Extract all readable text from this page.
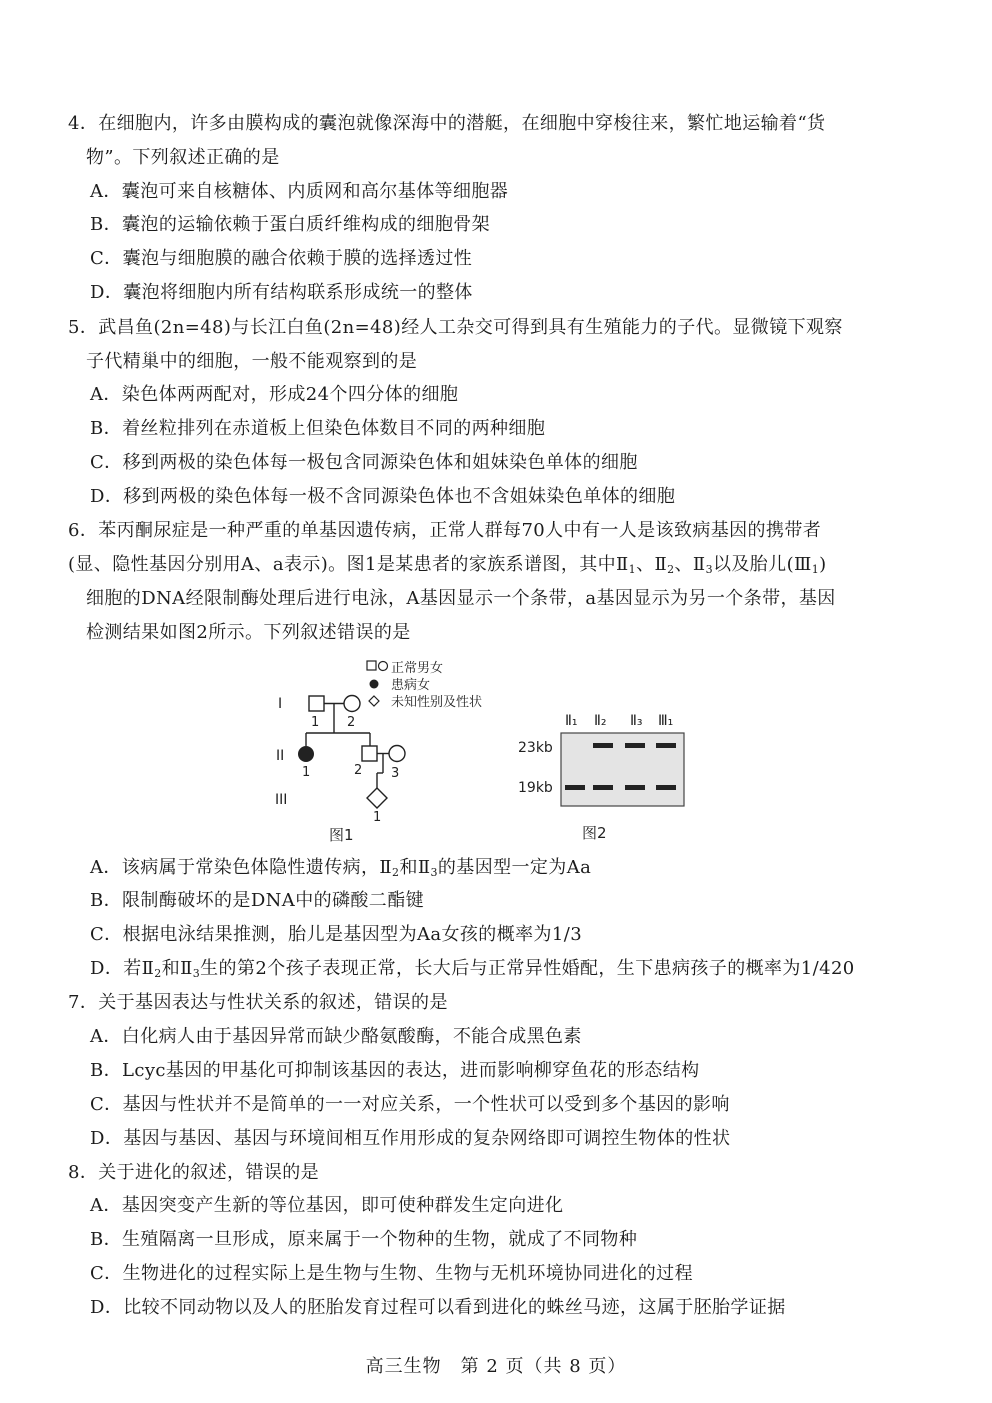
4．在细胞内，许多由膜构成的囊泡就像深海中的潜艇，在细胞中穿梭往来，繁忙地运输着“货
物”。下列叙述正确的是
A．囊泡可来自核糖体、内质网和高尔基体等细胞器
B．囊泡的运输依赖于蛋白质纤维构成的细胞骨架
C．囊泡与细胞膜的融合依赖于膜的选择透过性
D．囊泡将细胞内所有结构联系形成统一的整体
5．武昌鱼(2n=48)与长江白鱼(2n=48)经人工杂交可得到具有生殖能力的子代。显微镜下观察
子代精巢中的细胞，一般不能观察到的是
A．染色体两两配对，形成24个四分体的细胞
B．着丝粒排列在赤道板上但染色体数目不同的两种细胞
C．移到两极的染色体每一极包含同源染色体和姐妹染色单体的细胞
D．移到两极的染色体每一极不含同源染色体也不含姐妹染色单体的细胞
6．苯丙酮尿症是一种严重的单基因遗传病，正常人群每70人中有一人是该致病基因的携带者
(显、隐性基因分别用A、a表示)。图1是某患者的家族系谱图，其中$Ⅱ_1$、$Ⅱ_2$、$Ⅱ_3$以及胎儿$(Ⅲ_1)$
细胞的DNA经限制酶处理后进行电泳，A基因显示一个条带，a基因显示为另一个条带，基因
检测结果如图2所示。下列叙述错误的是
正常男女
患病女
未知性别及性状
I
II
III
1 2
1	2 3
1
图1
Ⅱ₁ Ⅱ₂ Ⅱ₃ Ⅲ₁
23kb
19kb
图2
A．该病属于常染色体隐性遗传病，$Ⅱ_2$和$Ⅱ_3$的基因型一定为Aa
B．限制酶破坏的是DNA中的磷酸二酯键
C．根据电泳结果推测，胎儿是基因型为Aa女孩的概率为1/3
D．若$Ⅱ_2$和$Ⅱ_3$生的第2个孩子表现正常，长大后与正常异性婚配，生下患病孩子的概率为1/420
7．关于基因表达与性状关系的叙述，错误的是
A．白化病人由于基因异常而缺少酪氨酸酶，不能合成黑色素
B．Lcyc基因的甲基化可抑制该基因的表达，进而影响柳穿鱼花的形态结构
C．基因与性状并不是简单的一一对应关系，一个性状可以受到多个基因的影响
D．基因与基因、基因与环境间相互作用形成的复杂网络即可调控生物体的性状
8．关于进化的叙述，错误的是
A．基因突变产生新的等位基因，即可使种群发生定向进化
B．生殖隔离一旦形成，原来属于一个物种的生物，就成了不同物种
C．生物进化的过程实际上是生物与生物、生物与无机环境协同进化的过程
D．比较不同动物以及人的胚胎发育过程可以看到进化的蛛丝马迹，这属于胚胎学证据
高三生物　第 2 页（共 8 页）
